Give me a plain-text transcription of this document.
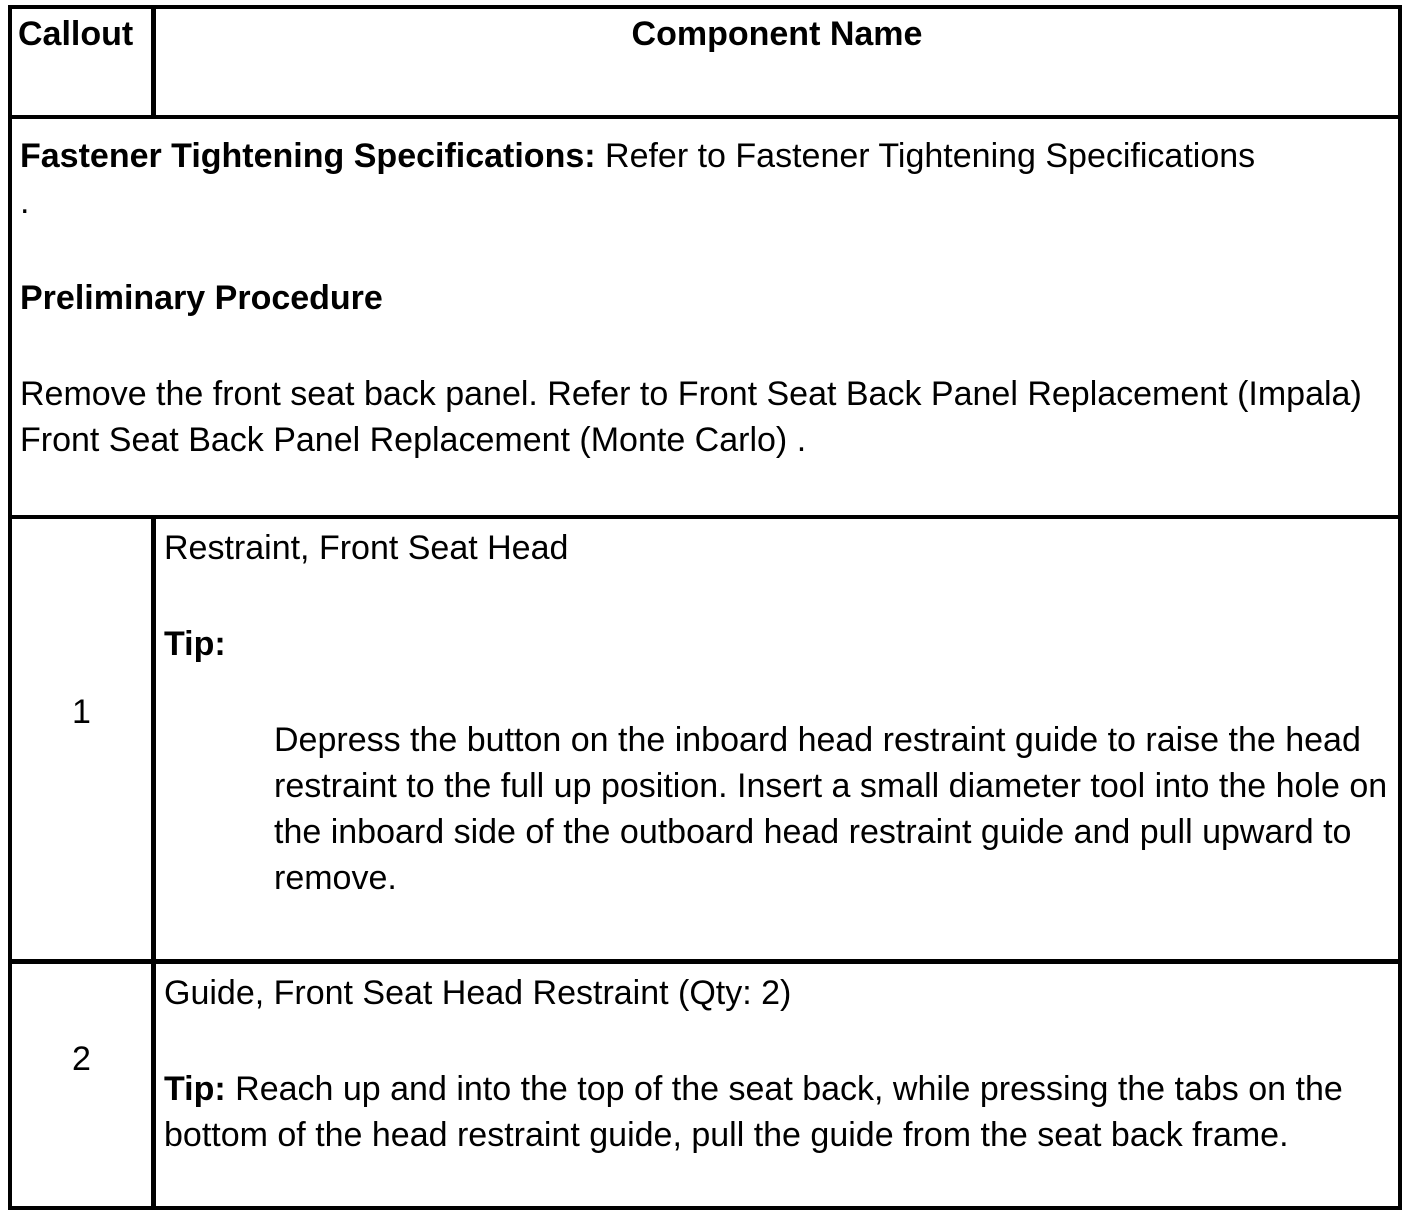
Callout	Component Name
Fastener Tightening Specifications: Refer to Fastener Tightening Specifications
.
Preliminary Procedure
Remove the front seat back panel. Refer to Front Seat Back Panel Replacement (Impala) Front Seat Back Panel Replacement (Monte Carlo) .
1
Restraint, Front Seat Head
Tip:
Depress the button on the inboard head restraint guide to raise the head restraint to the full up position. Insert a small diameter tool into the hole on the inboard side of the outboard head restraint guide and pull upward to remove.
2
Guide, Front Seat Head Restraint (Qty: 2)
Tip: Reach up and into the top of the seat back, while pressing the tabs on the bottom of the head restraint guide, pull the guide from the seat back frame.
